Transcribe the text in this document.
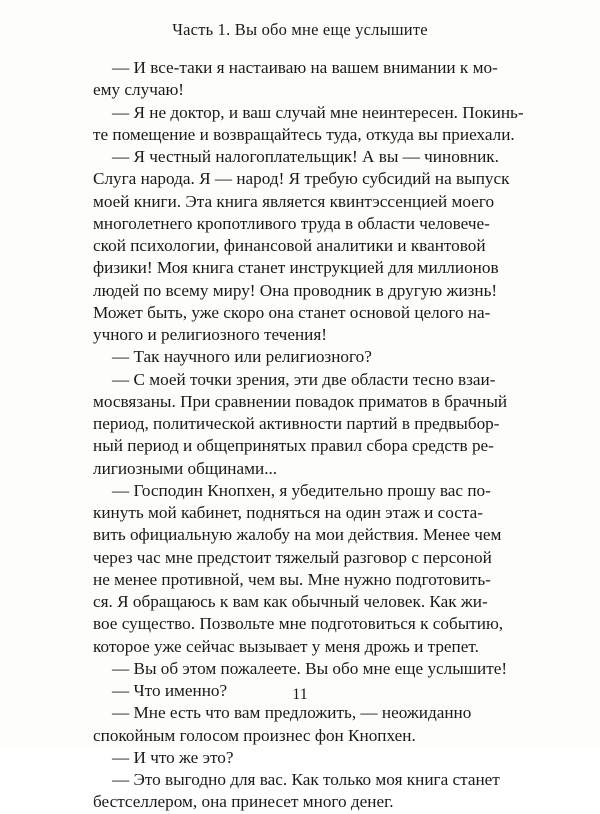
Часть 1. Вы обо мне еще услышите
— И все-таки я настаиваю на вашем внимании к мо-
ему случаю!
— Я не доктор, и ваш случай мне неинтересен. Покинь-
те помещение и возвращайтесь туда, откуда вы приехали.
— Я честный налогоплательщик! А вы — чиновник.
Слуга народа. Я — народ! Я требую субсидий на выпуск
моей книги. Эта книга является квинтэссенцией моего
многолетнего кропотливого труда в области человече-
ской психологии, финансовой аналитики и квантовой
физики! Моя книга станет инструкцией для миллионов
людей по всему миру! Она проводник в другую жизнь!
Может быть, уже скоро она станет основой целого на-
учного и религиозного течения!
— Так научного или религиозного?
— С моей точки зрения, эти две области тесно взаи-
мосвязаны. При сравнении повадок приматов в брачный
период, политической активности партий в предвыбор-
ный период и общепринятых правил сбора средств ре-
лигиозными общинами...
— Господин Кнопхен, я убедительно прошу вас по-
кинуть мой кабинет, подняться на один этаж и соста-
вить официальную жалобу на мои действия. Менее чем
через час мне предстоит тяжелый разговор с персоной
не менее противной, чем вы. Мне нужно подготовить-
ся. Я обращаюсь к вам как обычный человек. Как жи-
вое существо. Позвольте мне подготовиться к событию,
которое уже сейчас вызывает у меня дрожь и трепет.
— Вы об этом пожалеете. Вы обо мне еще услышите!
— Что именно?
— Мне есть что вам предложить, — неожиданно
спокойным голосом произнес фон Кнопхен.
— И что же это?
— Это выгодно для вас. Как только моя книга станет
бестселлером, она принесет много денег.
11
